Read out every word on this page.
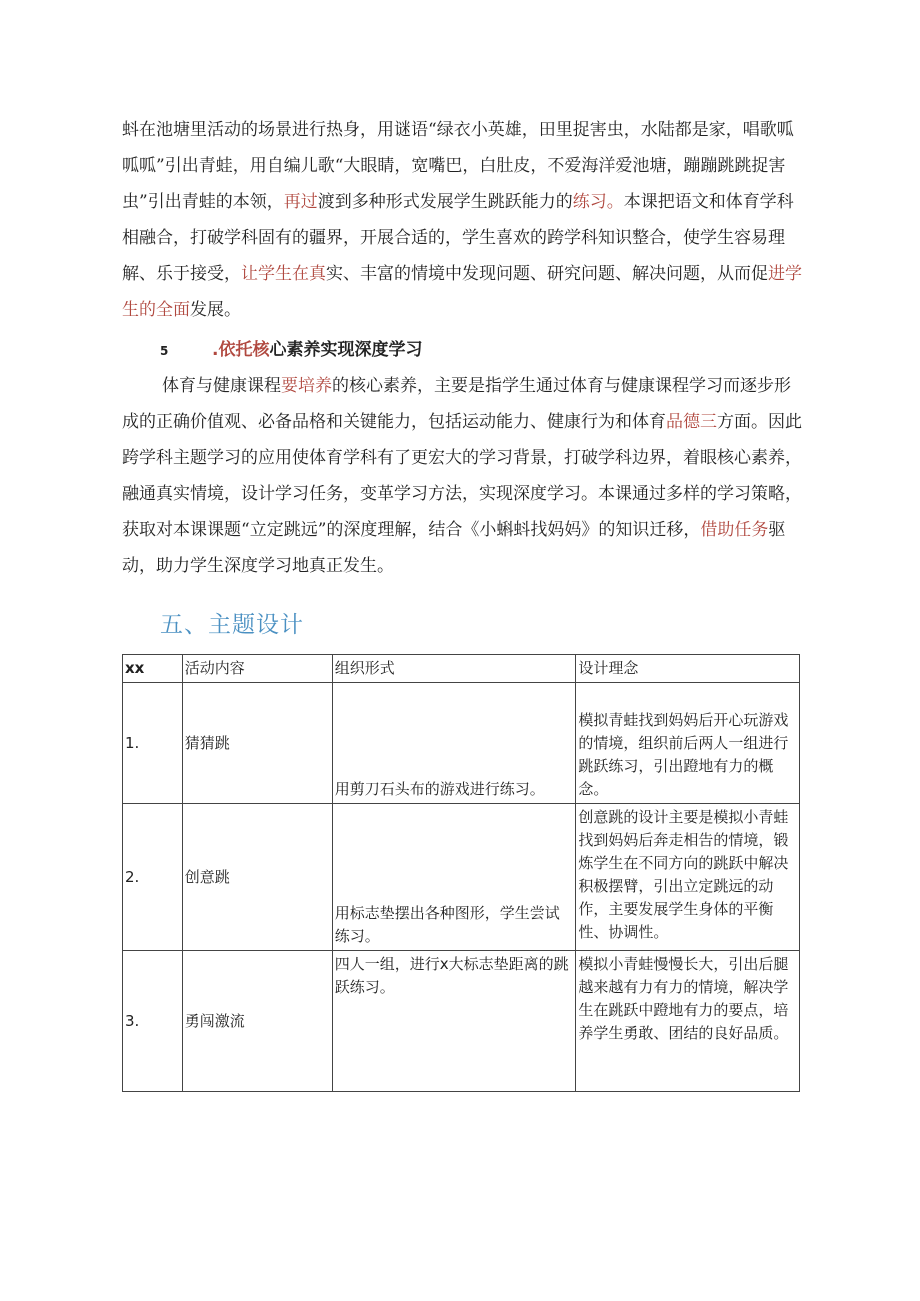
蚪在池塘里活动的场景进行热身，用谜语“绿衣小英雄，田里捉害虫，水陆都是家，唱歌呱呱呱”引出青蛙，用自编儿歌“大眼睛，宽嘴巴，白肚皮，不爱海洋爱池塘，蹦蹦跳跳捉害虫”引出青蛙的本领，再过渡到多种形式发展学生跳跃能力的练习。本课把语文和体育学科相融合，打破学科固有的疆界，开展合适的，学生喜欢的跨学科知识整合，使学生容易理解、乐于接受，让学生在真实、丰富的情境中发现问题、研究问题、解决问题，从而促进学生的全面发展。
5	.依托核心素养实现深度学习
体育与健康课程要培养的核心素养，主要是指学生通过体育与健康课程学习而逐步形成的正确价值观、必备品格和关键能力，包括运动能力、健康行为和体育品德三方面。因此跨学科主题学习的应用使体育学科有了更宏大的学习背景，打破学科边界，着眼核心素养，融通真实情境，设计学习任务，变革学习方法，实现深度学习。本课通过多样的学习策略，获取对本课课题“立定跳远”的深度理解，结合《小蝌蚪找妈妈》的知识迁移，借助任务驱动，助力学生深度学习地真正发生。
五、主题设计
xx	活动内容	组织形式	设计理念
1.	猜猜跳	用剪刀石头布的游戏进行练习。	模拟青蛙找到妈妈后开心玩游戏的情境，组织前后两人一组进行跳跃练习，引出蹬地有力的概念。
2.	创意跳	用标志垫摆出各种图形，学生尝试练习。	创意跳的设计主要是模拟小青蛙找到妈妈后奔走相告的情境，锻炼学生在不同方向的跳跃中解决积极摆臂，引出立定跳远的动作，主要发展学生身体的平衡性、协调性。
3.	勇闯激流	四人一组，进行x大标志垫距离的跳跃练习。	模拟小青蛙慢慢长大，引出后腿越来越有力有力的情境，解决学生在跳跃中蹬地有力的要点，培养学生勇敢、团结的良好品质。
